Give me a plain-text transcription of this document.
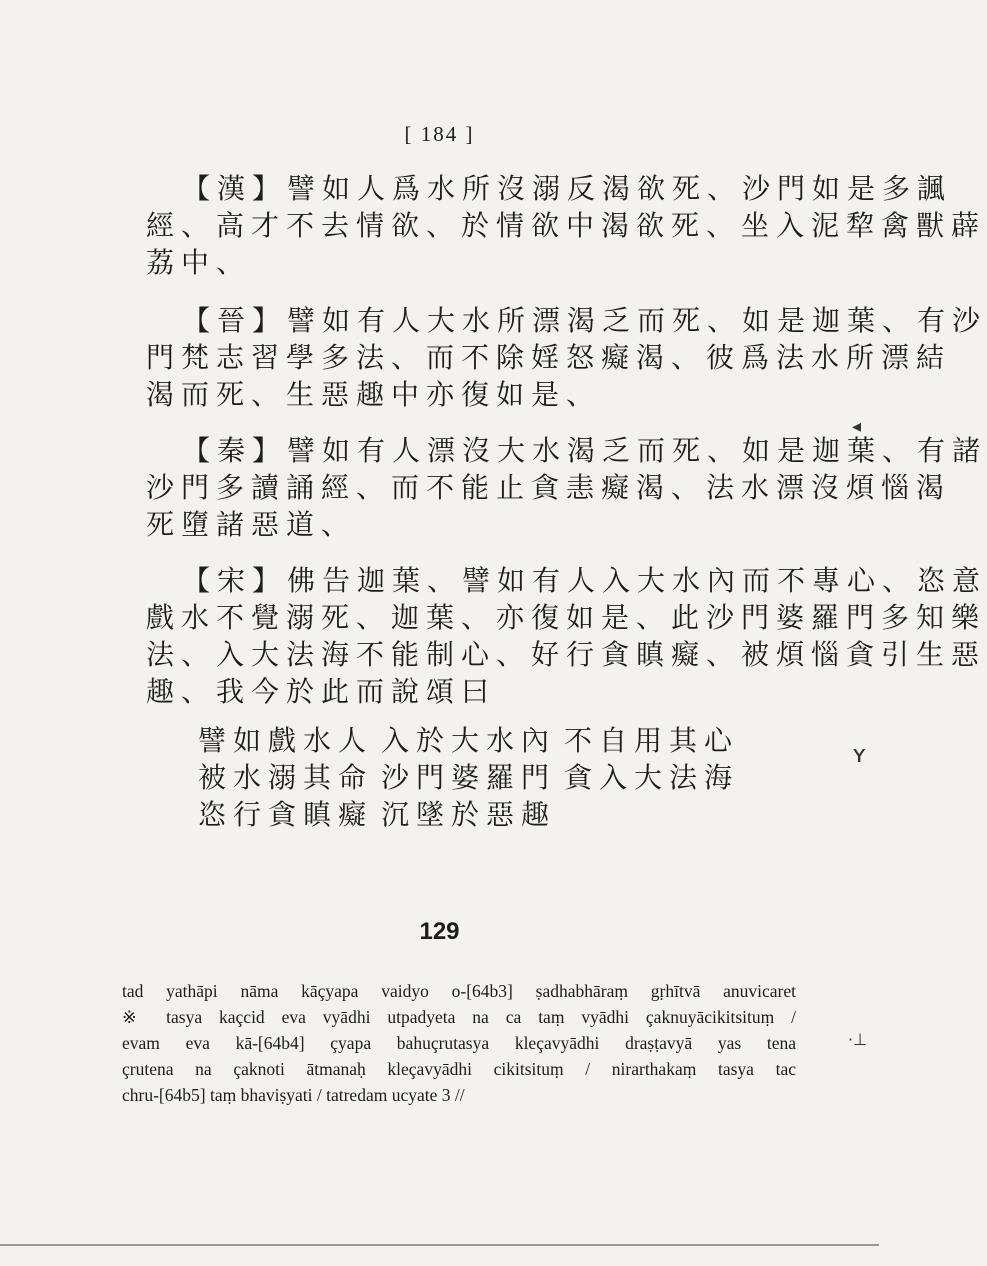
[ 184 ]
【漢】譬如人爲水所沒溺反渴欲死、沙門如是多諷
經、高才不去情欲、於情欲中渴欲死、坐入泥犂禽獸薜
荔中、
【晉】譬如有人大水所漂渴乏而死、如是迦葉、有沙
門梵志習學多法、而不除婬怒癡渴、彼爲法水所漂結
渴而死、生惡趣中亦復如是、
【秦】譬如有人漂沒大水渴乏而死、如是迦葉、有諸
沙門多讀誦經、而不能止貪恚癡渴、法水漂沒煩惱渴
死墮諸惡道、
【宋】佛告迦葉、譬如有人入大水內而不專心、恣意
戲水不覺溺死、迦葉、亦復如是、此沙門婆羅門多知樂
法、入大法海不能制心、好行貪瞋癡、被煩惱貪引生惡
趣、我今於此而說頌曰
譬如戲水人 入於大水內 不自用其心
被水溺其命 沙門婆羅門 貪入大法海
恣行貪瞋癡 沉墜於惡趣
129
tad yathāpi nāma kāçyapa vaidyo o-[64b3] ṣadhabhāraṃ gṛhītvā anuvicaret
※ tasya kaçcid eva vyādhi utpadyeta na ca taṃ vyādhi çaknuyācikitsituṃ /
evam eva kā-[64b4] çyapa bahuçrutasya kleçavyādhi draṣṭavyā yas tena
çrutena na çaknoti ātmanaḥ kleçavyādhi cikitsituṃ / nirarthakaṃ tasya tac
chru-[64b5] taṃ bhaviṣyati / tatredam ucyate 3 //
◂
ʏ
·⊥
